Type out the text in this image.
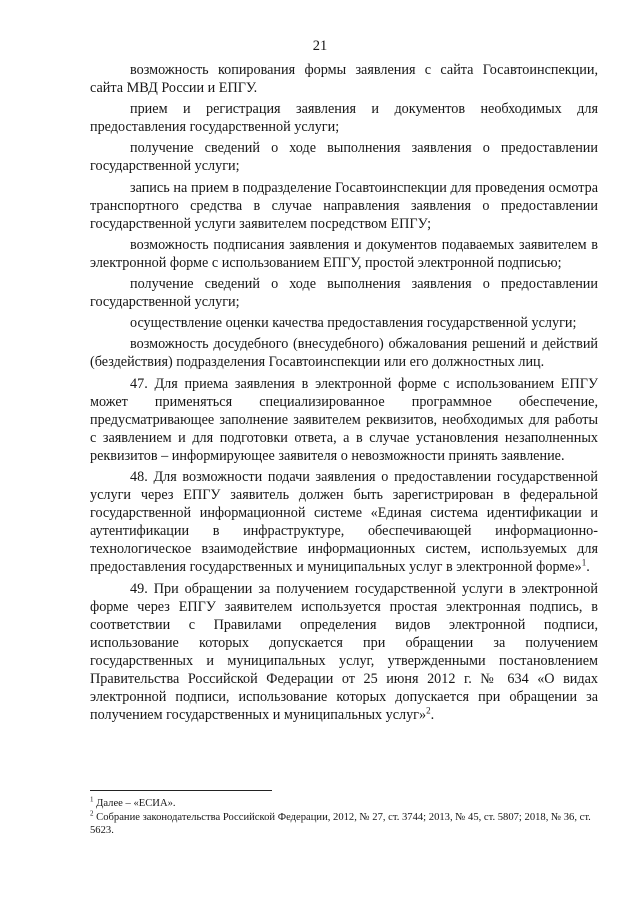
21

возможность копирования формы заявления с сайта Госавтоинспекции, сайта МВД России и ЕПГУ.

прием и регистрация заявления и документов необходимых для предоставления государственной услуги;

получение сведений о ходе выполнения заявления о предоставлении государственной услуги;

запись на прием в подразделение Госавтоинспекции для проведения осмотра транспортного средства в случае направления заявления о предоставлении государственной услуги заявителем посредством ЕПГУ;

возможность подписания заявления и документов подаваемых заявителем в электронной форме с использованием ЕПГУ, простой электронной подписью;

получение сведений о ходе выполнения заявления о предоставлении государственной услуги;

осуществление оценки качества предоставления государственной услуги;

возможность досудебного (внесудебного) обжалования решений и действий (бездействия) подразделения Госавтоинспекции или его должностных лиц.

47. Для приема заявления в электронной форме с использованием ЕПГУ может применяться специализированное программное обеспечение, предусматривающее заполнение заявителем реквизитов, необходимых для работы с заявлением и для подготовки ответа, а в случае установления незаполненных реквизитов – информирующее заявителя о невозможности принять заявление.

48. Для возможности подачи заявления о предоставлении государственной услуги через ЕПГУ заявитель должен быть зарегистрирован в федеральной государственной информационной системе «Единая система идентификации и аутентификации в инфраструктуре, обеспечивающей информационно-технологическое взаимодействие информационных систем, используемых для предоставления государственных и муниципальных услуг в электронной форме»$^1$.

49. При обращении за получением государственной услуги в электронной форме через ЕПГУ заявителем используется простая электронная подпись, в соответствии с Правилами определения видов электронной подписи, использование которых допускается при обращении за получением государственных и муниципальных услуг, утвержденными постановлением Правительства Российской Федерации от 25 июня 2012 г. № 634 «О видах электронной подписи, использование которых допускается при обращении за получением государственных и муниципальных услуг»$^2$.

$^1$ Далее – «ЕСИА».

$^2$ Собрание законодательства Российской Федерации, 2012, № 27, ст. 3744; 2013, № 45, ст. 5807; 2018, № 36, ст. 5623.
